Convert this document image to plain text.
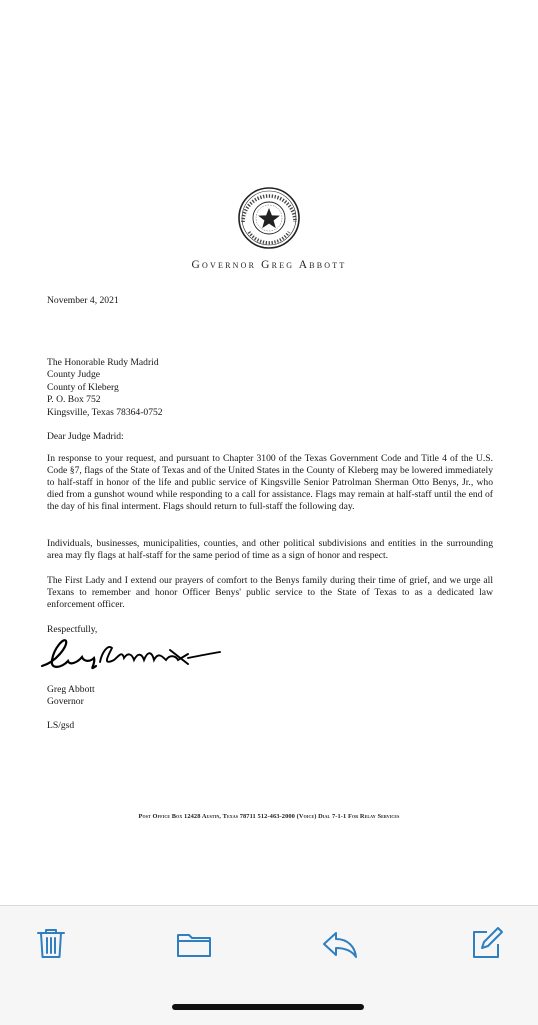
Governor Greg Abbott
November 4, 2021
The Honorable Rudy Madrid
County Judge
County of Kleberg
P. O. Box 752
Kingsville, Texas 78364-0752
Dear Judge Madrid:
In response to your request, and pursuant to Chapter 3100 of the Texas Government Code and Title 4 of the U.S. Code §7, flags of the State of Texas and of the United States in the County of Kleberg may be lowered immediately to half-staff in honor of the life and public service of Kingsville Senior Patrolman Sherman Otto Benys, Jr., who died from a gunshot wound while responding to a call for assistance. Flags may remain at half-staff until the end of the day of his final interment. Flags should return to full-staff the following day.
Individuals, businesses, municipalities, counties, and other political subdivisions and entities in the surrounding area may fly flags at half-staff for the same period of time as a sign of honor and respect.
The First Lady and I extend our prayers of comfort to the Benys family during their time of grief, and we urge all Texans to remember and honor Officer Benys' public service to the State of Texas to as a dedicated law enforcement officer.
Respectfully,
Greg Abbott
Governor
LS/gsd
Post Office Box 12428 Austin, Texas 78711 512-463-2000 (Voice) Dial 7-1-1 For Relay Services
